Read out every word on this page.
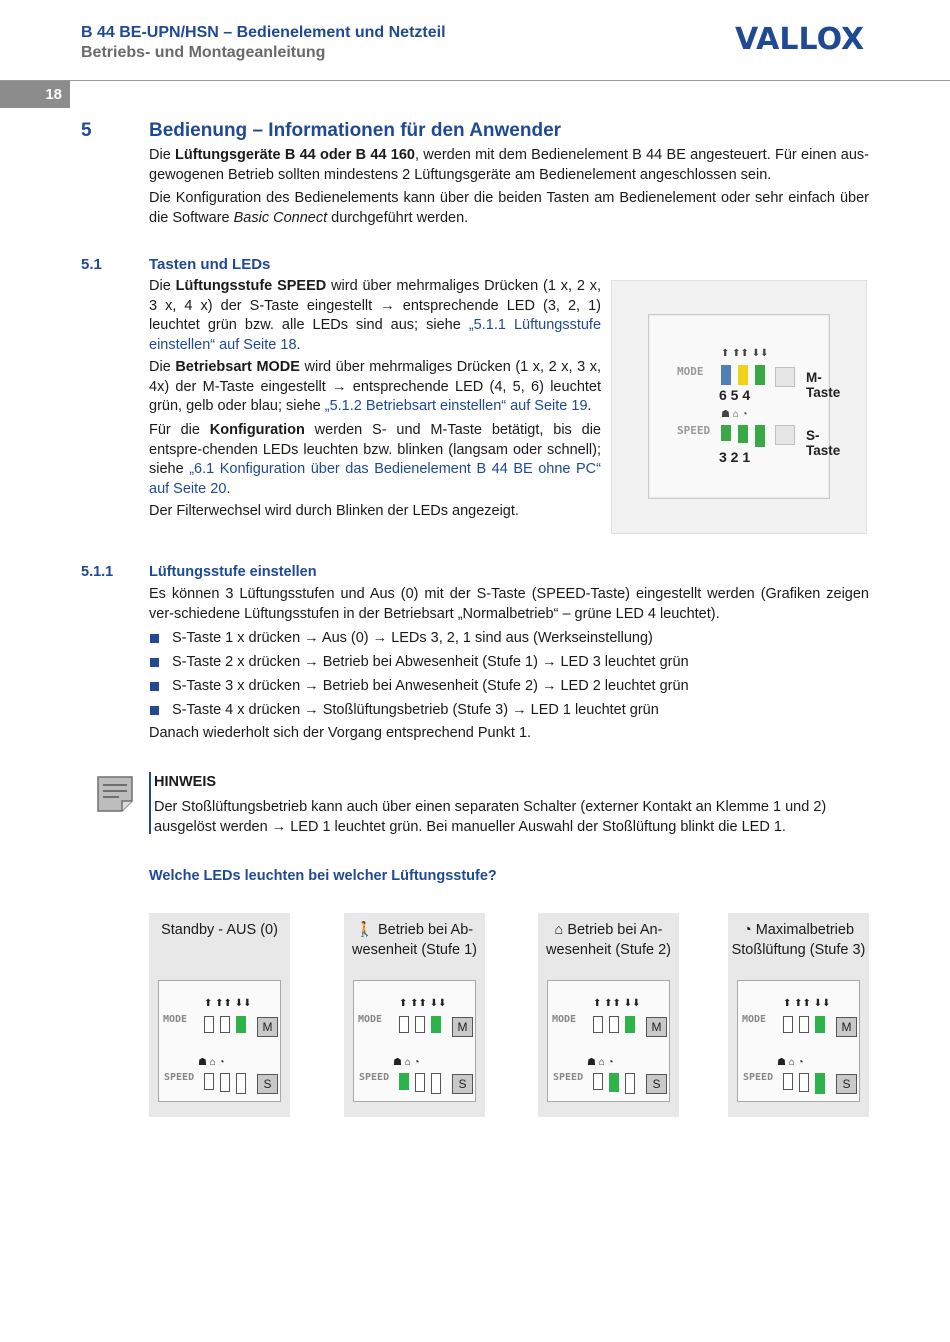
B 44 BE-UPN/HSN – Bedienelement und Netzteil
Betriebs- und Montageanleitung	VALLOX
18
5	Bedienung – Informationen für den Anwender

Die Lüftungsgeräte B 44 oder B 44 160, werden mit dem Bedienelement B 44 BE angesteuert. Für einen aus-gewogenen Betrieb sollten mindestens 2 Lüftungsgeräte am Bedienelement angeschlossen sein.

Die Konfiguration des Bedienelements kann über die beiden Tasten am Bedienelement oder sehr einfach über die Software Basic Connect durchgeführt werden.

5.1	Tasten und LEDs

Die Lüftungsstufe SPEED wird über mehrmaliges Drücken (1 x, 2 x, 3 x, 4 x) der S-Taste eingestellt → entsprechende LED (3, 2, 1) leuchtet grün bzw. alle LEDs sind aus; siehe „5.1.1 Lüftungsstufe einstellen“ auf Seite 18.

Die Betriebsart MODE wird über mehrmaliges Drücken (1 x, 2 x, 3 x, 4x) der M-Taste eingestellt → entsprechende LED (4, 5, 6) leuchtet grün, gelb oder blau; siehe „5.1.2 Betriebsart einstellen“ auf Seite 19.

Für die Konfiguration werden S- und M-Taste betätigt, bis die entspre-chenden LEDs leuchten bzw. blinken (langsam oder schnell); siehe „6.1 Konfiguration über das Bedienelement B 44 BE ohne PC“ auf Seite 20.

Der Filterwechsel wird durch Blinken der LEDs angezeigt.

MODE
SPEED
⬆ ⬆⬆ ⬇⬇
6 5 4
M-Taste
☗ ⌂ ◔
3 2 1
S-Taste
5.1.1 Lüftungsstufe einstellen

Es können 3 Lüftungsstufen und Aus (0) mit der S-Taste (SPEED-Taste) eingestellt werden (Grafiken zeigen ver-schiedene Lüftungsstufen in der Betriebsart „Normalbetrieb“ – grüne LED 4 leuchtet).

S-Taste 1 x drücken → Aus (0) → LEDs 3, 2, 1 sind aus (Werkseinstellung)
S-Taste 2 x drücken → Betrieb bei Abwesenheit (Stufe 1) → LED 3 leuchtet grün
S-Taste 3 x drücken → Betrieb bei Anwesenheit (Stufe 2) → LED 2 leuchtet grün
S-Taste 4 x drücken → Stoßlüftungsbetrieb (Stufe 3) → LED 1 leuchtet grün

Danach wiederholt sich der Vorgang entsprechend Punkt 1.

HINWEIS

Der Stoßlüftungsbetrieb kann auch über einen separaten Schalter (externer Kontakt an Klemme 1 und 2) ausgelöst werden → LED 1 leuchtet grün. Bei manueller Auswahl der Stoßlüftung blinkt die LED 1.

Welche LEDs leuchten bei welcher Lüftungsstufe?
Standby - AUS (0)
MODE
SPEED
⬆ ⬆⬆ ⬇⬇
M
☗ ⌂ ◔
S
🚶 Betrieb bei Ab-
wesenheit (Stufe 1)
MODE
SPEED
⬆ ⬆⬆ ⬇⬇
M
☗ ⌂ ◔
S
⌂ Betrieb bei An-
wesenheit (Stufe 2)
MODE
SPEED
⬆ ⬆⬆ ⬇⬇
M
☗ ⌂ ◔
S
◔ Maximalbetrieb
Stoßlüftung (Stufe 3)
MODE
SPEED
⬆ ⬆⬆ ⬇⬇
M
☗ ⌂ ◔
S
